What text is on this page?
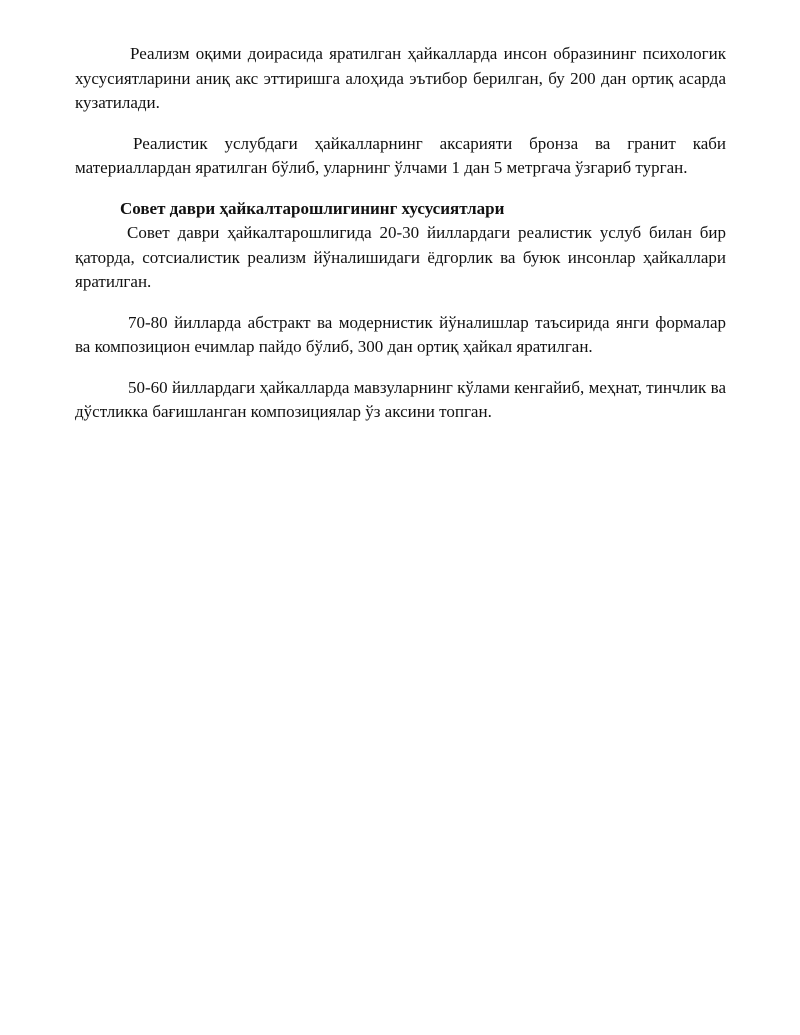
Реализм оқими доирасида яратилган ҳайкалларда инсон образининг психологик хусусиятларини аниқ акс эттиришга алоҳида эътибор берилган, бу 200 дан ортиқ асарда кузатилади.

Реалистик услубдаги ҳайкалларнинг аксарияти бронза ва гранит каби материаллардан яратилган бўлиб, уларнинг ўлчами 1 дан 5 метргача ўзгариб турган.

Совет даври ҳайкалтарошлигининг хусусиятлари

Совет даври ҳайкалтарошлигида 20-30 йиллардаги реалистик услуб билан бир қаторда, сотсиалистик реализм йўналишидаги ёдгорлик ва буюк инсонлар ҳайкаллари яратилган.

70-80 йилларда абстракт ва модернистик йўналишлар таъсирида янги формалар ва композицион ечимлар пайдо бўлиб, 300 дан ортиқ ҳайкал яратилган.

50-60 йиллардаги ҳайкалларда мавзуларнинг кўлами кенгайиб, меҳнат, тинчлик ва дўстликка бағишланган композициялар ўз аксини топган.
